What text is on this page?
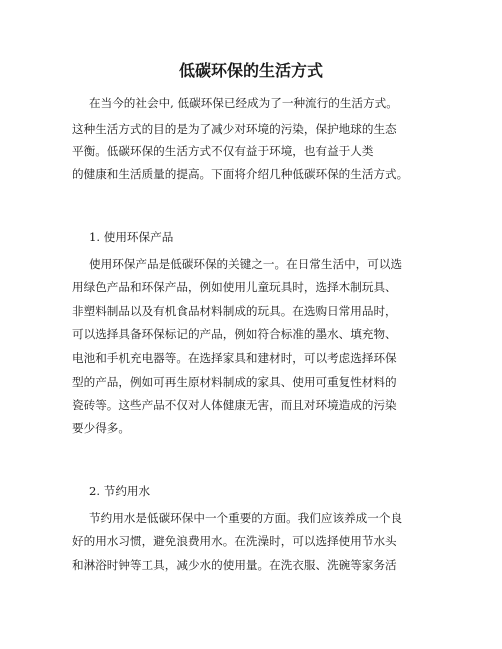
低碳环保的生活方式
在当今的社会中, 低碳环保已经成为了一种流行的生活方式。
这种生活方式的目的是为了减少对环境的污染，保护地球的生态
平衡。低碳环保的生活方式不仅有益于环境，也有益于人类
的健康和生活质量的提高。下面将介绍几种低碳环保的生活方式。
1. 使用环保产品
使用环保产品是低碳环保的关键之一。在日常生活中，可以选
用绿色产品和环保产品，例如使用儿童玩具时，选择木制玩具、
非塑料制品以及有机食品材料制成的玩具。在选购日常用品时，
可以选择具备环保标记的产品，例如符合标准的墨水、填充物、
电池和手机充电器等。在选择家具和建材时，可以考虑选择环保
型的产品，例如可再生原材料制成的家具、使用可重复性材料的
瓷砖等。这些产品不仅对人体健康无害，而且对环境造成的污染
要少得多。
2. 节约用水
节约用水是低碳环保中一个重要的方面。我们应该养成一个良
好的用水习惯，避免浪费用水。在洗澡时，可以选择使用节水头
和淋浴时钟等工具，减少水的使用量。在洗衣服、洗碗等家务活
